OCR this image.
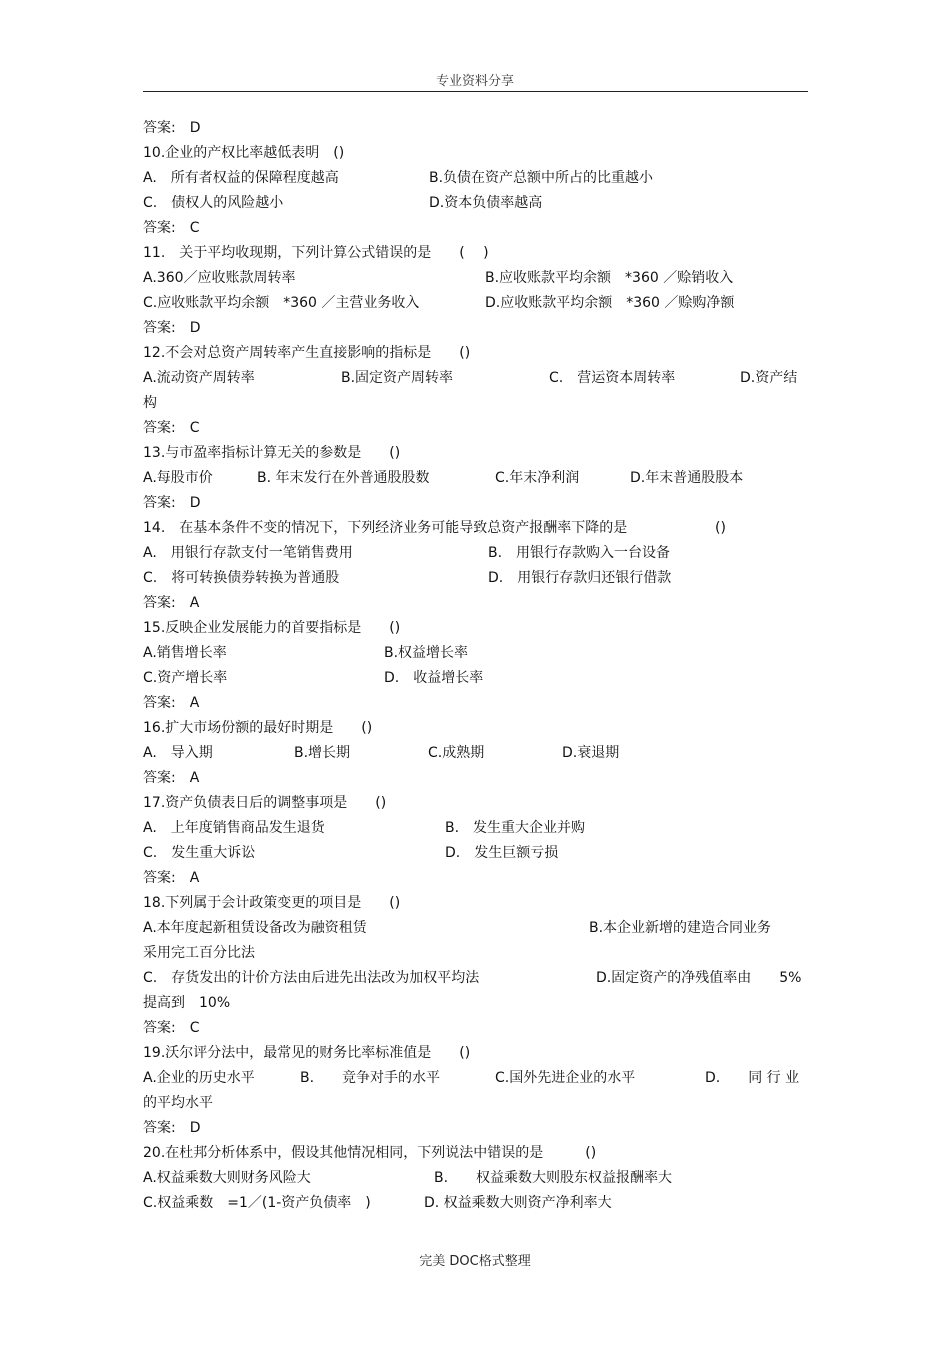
专业资料分享
答案:　D
10.企业的产权比率越低表明　()
A.　所有者权益的保障程度越高	B.负债在资产总额中所占的比重越小
C.　债权人的风险越小	D.资本负债率越高
答案:　C
11.　关于平均收现期，下列计算公式错误的是　　(　 )
A.360／应收账款周转率	B.应收账款平均余额　*360 ／赊销收入
C.应收账款平均余额　*360 ／主营业务收入	D.应收账款平均余额　*360 ／赊购净额
答案:　D
12.不会对总资产周转率产生直接影响的指标是　　()
A.流动资产周转率	B.固定资产周转率	C.　营运资本周转率	D.资产结
构
答案:　C
13.与市盈率指标计算无关的参数是　　()
A.每股市价	B. 年末发行在外普通股股数	C.年末净利润	D.年末普通股股本
答案:　D
14.　在基本条件不变的情况下，下列经济业务可能导致总资产报酬率下降的是	()
A.　用银行存款支付一笔销售费用	B.　用银行存款购入一台设备
C.　将可转换债券转换为普通股	D.　用银行存款归还银行借款
答案:　A
15.反映企业发展能力的首要指标是　　()
A.销售增长率	B.权益增长率
C.资产增长率	D.　收益增长率
答案:　A
16.扩大市场份额的最好时期是　　()
A.　导入期	B.增长期	C.成熟期	D.衰退期
答案:　A
17.资产负债表日后的调整事项是　　()
A.　上年度销售商品发生退货	B.　发生重大企业并购
C.　发生重大诉讼	D.　发生巨额亏损
答案:　A
18.下列属于会计政策变更的项目是　　()
A.本年度起新租赁设备改为融资租赁	B.本企业新增的建造合同业务
采用完工百分比法
C.　存货发出的计价方法由后进先出法改为加权平均法	D.固定资产的净残值率由　　5%
提高到　10%
答案:　C
19.沃尔评分法中，最常见的财务比率标准值是　　()
A.企业的历史水平	B.　　竞争对手的水平	C.国外先进企业的水平	D.　　同 行 业
的平均水平
答案:　D
20.在杜邦分析体系中，假设其他情况相同，下列说法中错误的是　　　()
A.权益乘数大则财务风险大	B.　　权益乘数大则股东权益报酬率大
C.权益乘数　=1／(1-资产负债率　)	D. 权益乘数大则资产净利率大
完美 DOC格式整理
